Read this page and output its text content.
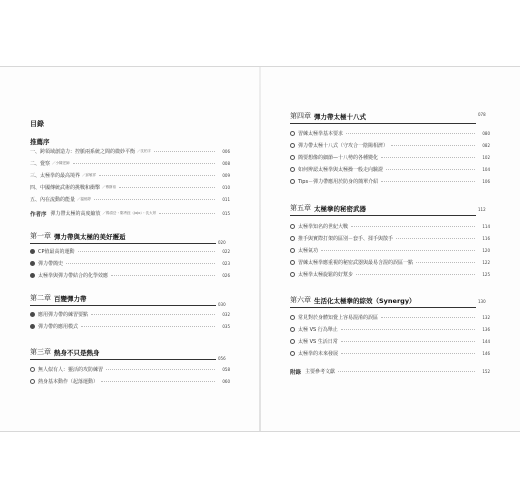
目錄
推薦序
一、 跨領域創造力：控脈兩系統之間的微妙平衡 ／沈柏宇	006
二、 覺察 ／小陳老師	008
三、 太極拳的最高境界 ／邱敏祥	009
四、 中國傳統武術的挑戰和衝擊 ／傅斯裕	010
五、 內在流動的能量 ／溫郁婷	011
作者序 彈力帶太極的高度縮放 ／楊清岳・鄭秀鈺（JoJo）・沈大昂	015
第一章 彈力帶與太極的美好邂逅
020
CP值最高的運動	022
彈力帶簡史	023
太極拳與彈力帶結合的化學效應	026
第二章 百變彈力帶
030
應用彈力帶的練習要點	032
彈力帶的應用模式	035
第三章 熱身不只是熱身
056
無人似有人：靈活的攻防練習	058
熱身基本動作（起落運動）	060
第四章 彈力帶太極十八式	078
習練太極拳基本要求	080
彈力帶太極十八式（守攻合一陰陽相濟）	082
簡要想像的細節—十八勢的各種變化	102
如何辨認太極拳與太極操一般走向驗證	104
Tips－彈力帶應用於防身的簡單介紹	106
第五章 太極拳的秘密武器	112
太極拳知名的世紀大戰	114
推手與實際打架的區別－套手、揉手與散手	116
太極氣功	120
習練太極拳應重視的秘密武器與最易含混的誤區一點	122
太極拳太極旋鬆的好幫步	125
第六章 生活化太極拳的綜效（Synergy）	130
常見對於身體知覺上容易混淆的誤區	132
太極 VS 行為舉止	136
太極 VS 生活日常	144
太極拳的未來發展	146
附錄 主要參考文獻	152
